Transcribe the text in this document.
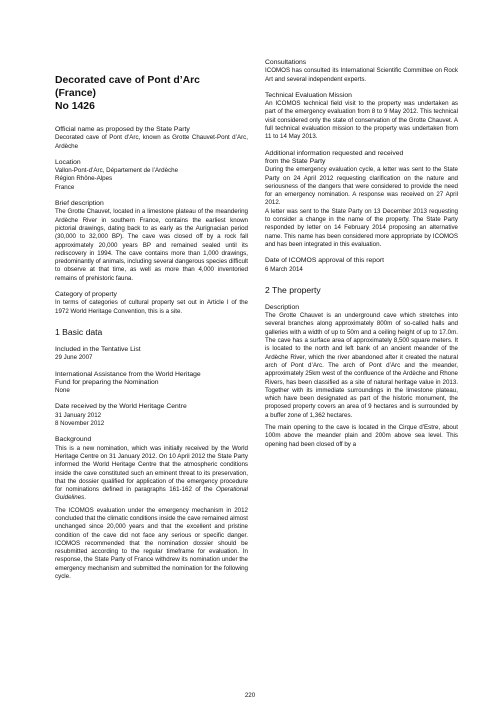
Decorated cave of Pont d’Arc
(France)
No 1426

Official name as proposed by the State Party

Decorated cave of Pont d’Arc, known as Grotte Chauvet-Pont d’Arc, Ardèche

Location

Vallon-Pont-d’Arc, Département de l’Ardèche

Région Rhône-Alpes

France

Brief description

The Grotte Chauvet, located in a limestone plateau of the meandering Ardèche River in southern France, contains the earliest known pictorial drawings, dating back to as early as the Aurignacian period (30,000 to 32,000 BP). The cave was closed off by a rock fall approximately 20,000 years BP and remained sealed until its rediscovery in 1994. The cave contains more than 1,000 drawings, predominantly of animals, including several dangerous species difficult to observe at that time, as well as more than 4,000 inventoried remains of prehistoric fauna.

Category of property

In terms of categories of cultural property set out in Article I of the 1972 World Heritage Convention, this is a site.

1 Basic data

Included in the Tentative List

29 June 2007

International Assistance from the World Heritage

Fund for preparing the Nomination

None

Date received by the World Heritage Centre

31 January 2012

8 November 2012

Background

This is a new nomination, which was initially received by the World Heritage Centre on 31 January 2012. On 10 April 2012 the State Party informed the World Heritage Centre that the atmospheric conditions inside the cave constituted such an eminent threat to its preservation, that the dossier qualified for application of the emergency procedure for nominations defined in paragraphs 161-162 of the Operational Guidelines.

The ICOMOS evaluation under the emergency mechanism in 2012 concluded that the climatic conditions inside the cave remained almost unchanged since 20,000 years and that the excellent and pristine condition of the cave did not face any serious or specific danger. ICOMOS recommended that the nomination dossier should be resubmitted according to the regular timeframe for evaluation. In response, the State Party of France withdrew its nomination under the emergency mechanism and submitted the nomination for the following cycle.

Consultations

ICOMOS has consulted its International Scientific Committee on Rock Art and several independent experts.

Technical Evaluation Mission

An ICOMOS technical field visit to the property was undertaken as part of the emergency evaluation from 8 to 9 May 2012. This technical visit considered only the state of conservation of the Grotte Chauvet. A full technical evaluation mission to the property was undertaken from 11 to 14 May 2013.

Additional information requested and received

from the State Party

During the emergency evaluation cycle, a letter was sent to the State Party on 24 April 2012 requesting clarification on the nature and seriousness of the dangers that were considered to provide the need for an emergency nomination. A response was received on 27 April 2012.

A letter was sent to the State Party on 13 December 2013 requesting to consider a change in the name of the property. The State Party responded by letter on 14 February 2014 proposing an alternative name. This name has been considered more appropriate by ICOMOS and has been integrated in this evaluation.

Date of ICOMOS approval of this report

6 March 2014

2 The property

Description

The Grotte Chauvet is an underground cave which stretches into several branches along approximately 800m of so-called halls and galleries with a width of up to 50m and a ceiling height of up to 17.0m. The cave has a surface area of approximately 8,500 square meters. It is located to the north and left bank of an ancient meander of the Ardèche River, which the river abandoned after it created the natural arch of Pont d’Arc. The arch of Pont d’Arc and the meander, approximately 25km west of the confluence of the Ardèche and Rhone Rivers, has been classified as a site of natural heritage value in 2013. Together with its immediate surroundings in the limestone plateau, which have been designated as part of the historic monument, the proposed property covers an area of 9 hectares and is surrounded by a buffer zone of 1,362 hectares.

The main opening to the cave is located in the Cirque d’Estre, about 100m above the meander plain and 200m above sea level. This opening had been closed off by a

220
